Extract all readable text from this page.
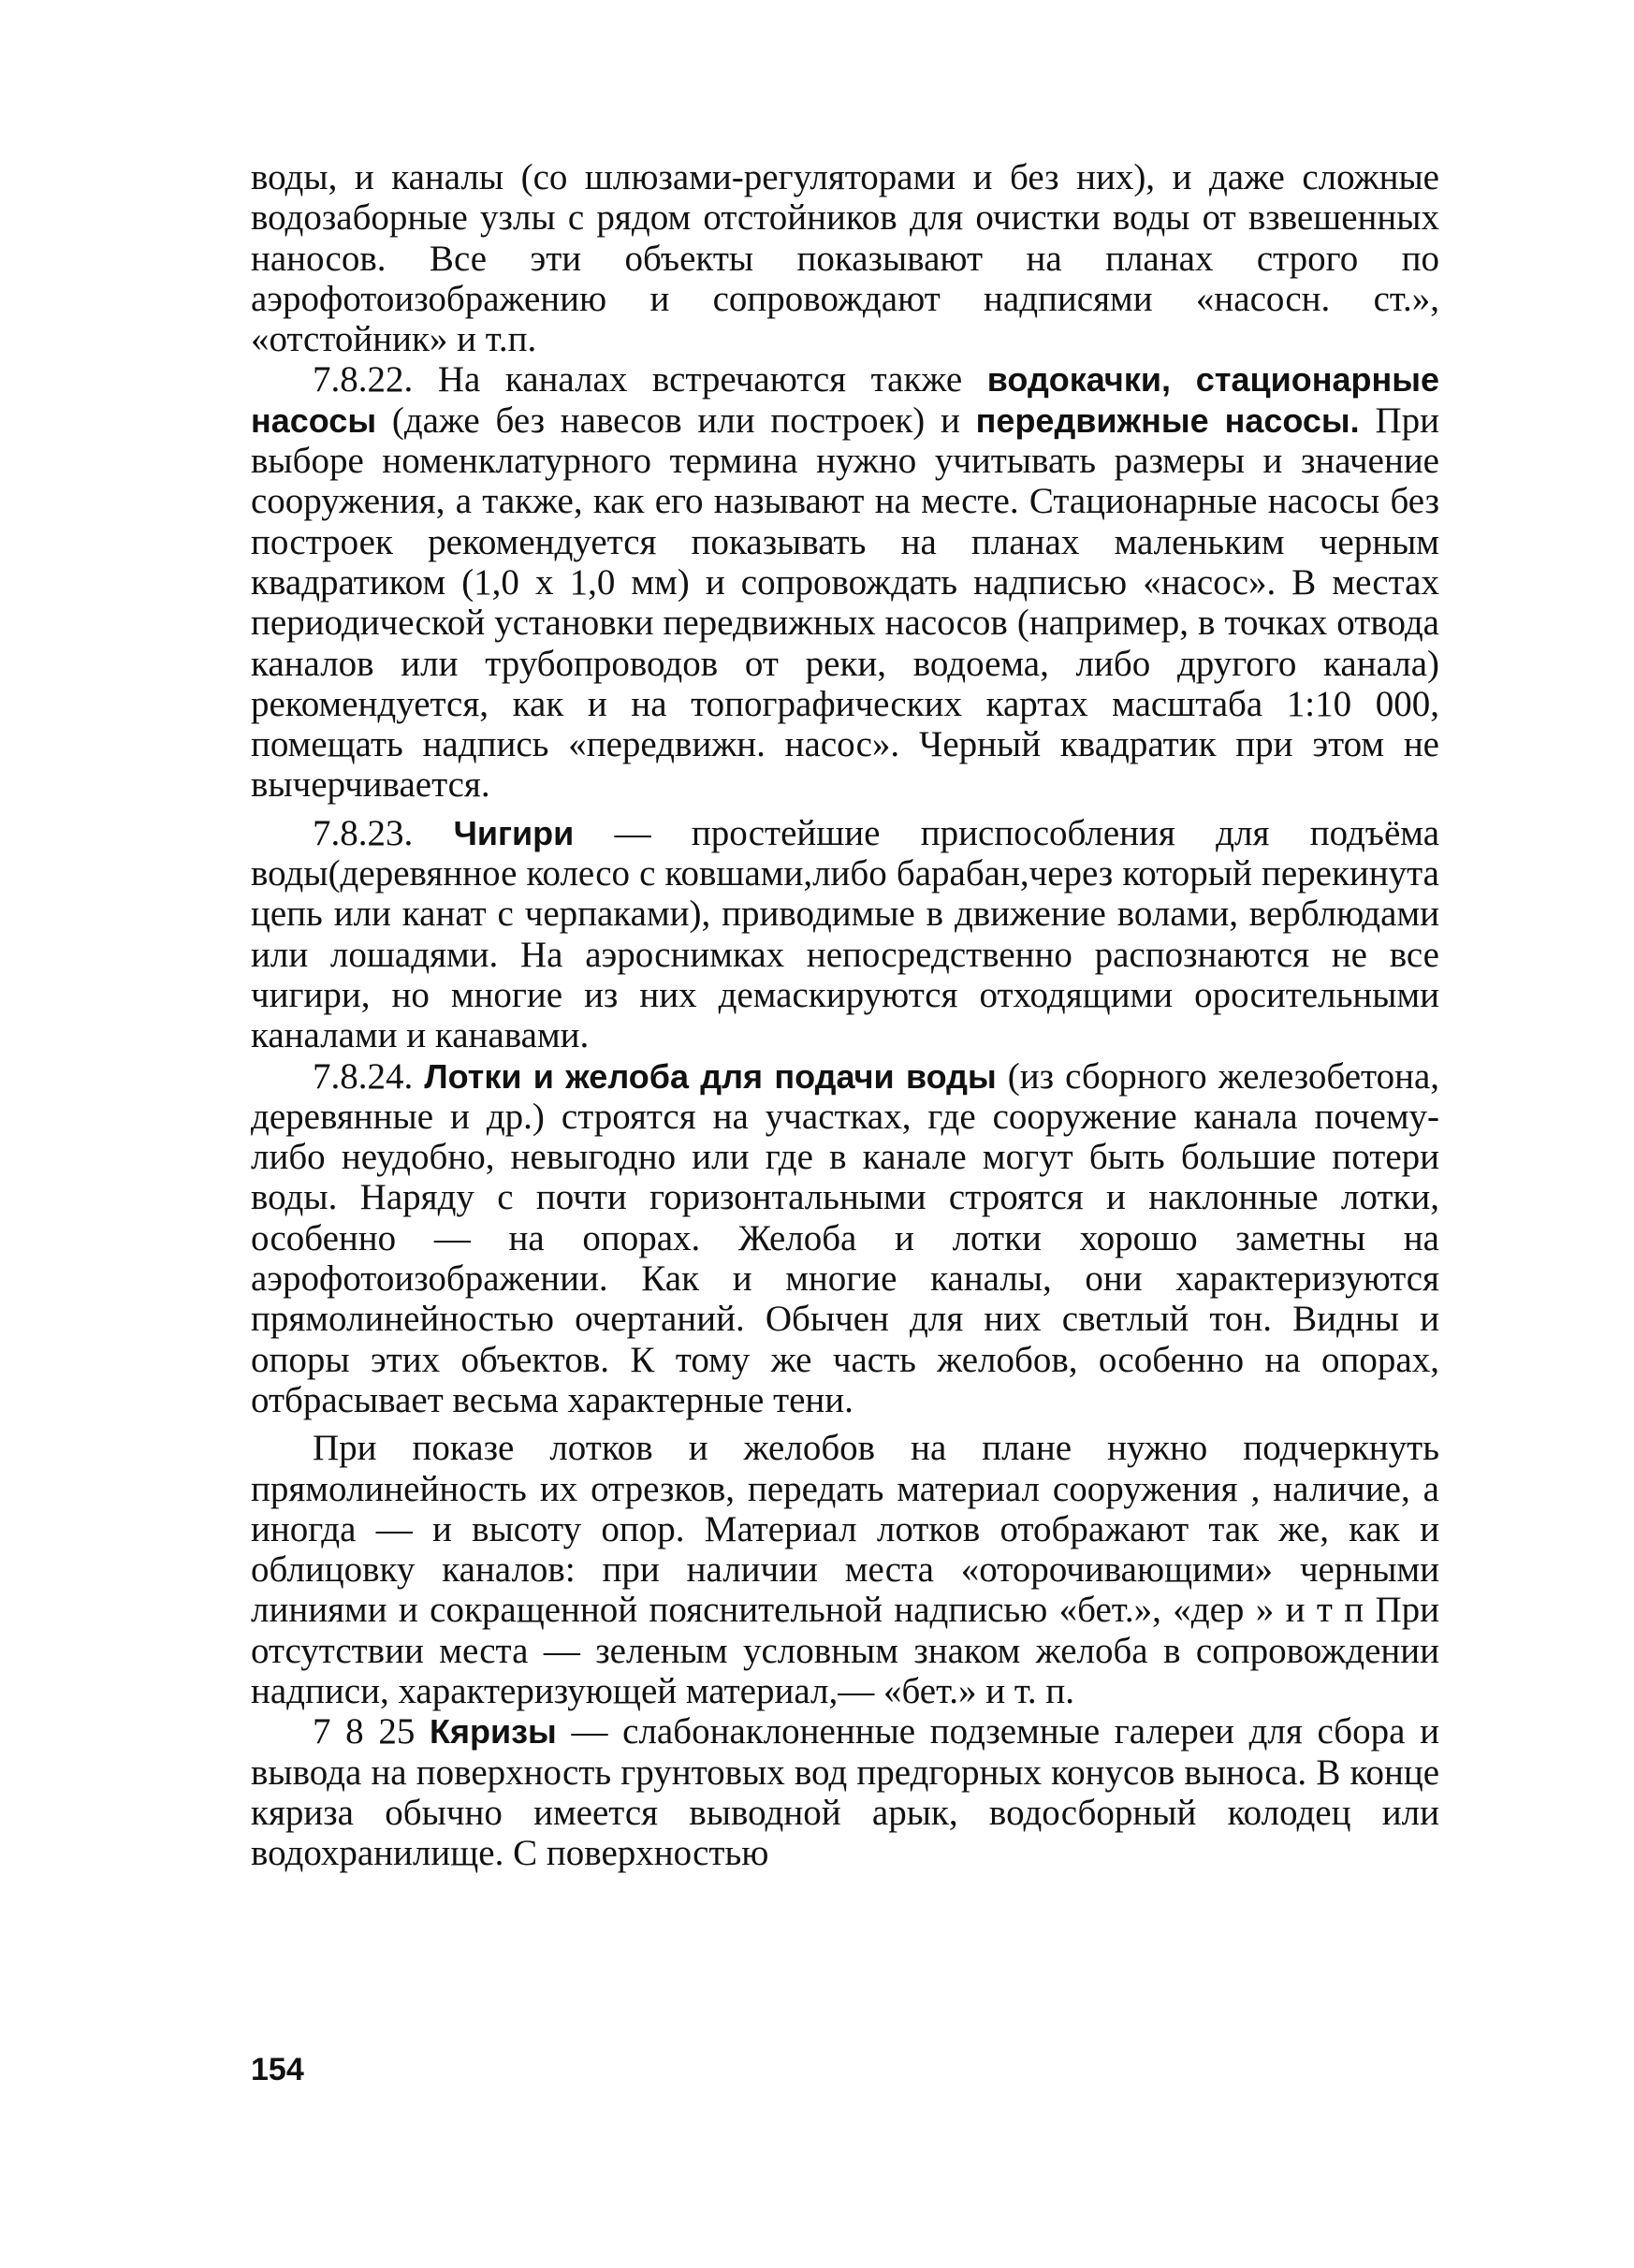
воды, и каналы (со шлюзами-регуляторами и без них), и даже сложные водозаборные узлы с рядом отстойников для очистки воды от взвешенных наносов. Все эти объекты показывают на планах строго по аэрофотоизображению и сопровождают надписями «насосн. ст.», «отстойник» и т.п.

7.8.22. На каналах встречаются также водокачки, стационарные насосы (даже без навесов или построек) и передвижные насосы. При выборе номенклатурного термина нужно учитывать размеры и значение сооружения, а также, как его называют на месте. Стационарные насосы без построек рекомендуется показывать на планах маленьким черным квадратиком (1,0 x 1,0 мм) и сопровождать надписью «насос». В местах периодической установки передвижных насосов (например, в точках отвода каналов или трубопроводов от реки, водоема, либо другого канала) рекомендуется, как и на топографических картах масштаба 1:10 000, помещать надпись «передвижн. насос». Черный квадратик при этом не вычерчивается.

7.8.23. Чигири — простейшие приспособления для подъёма воды(деревянное колесо с ковшами,либо барабан,через который перекинута цепь или канат с черпаками), приводимые в движение волами, верблюдами или лошадями. На аэроснимках непосредственно распознаются не все чигири, но многие из них демаскируются отходящими оросительными каналами и канавами.

7.8.24. Лотки и желоба для подачи воды (из сборного железобетона, деревянные и др.) строятся на участках, где сооружение канала почему-либо неудобно, невыгодно или где в канале могут быть большие потери воды. Наряду с почти горизонтальными строятся и наклонные лотки, особенно — на опорах. Желоба и лотки хорошо заметны на аэрофотоизображении. Как и многие каналы, они характеризуются прямолинейностью очертаний. Обычен для них светлый тон. Видны и опоры этих объектов. К тому же часть желобов, особенно на опорах, отбрасывает весьма характерные тени.

При показе лотков и желобов на плане нужно подчеркнуть прямолинейность их отрезков, передать материал сооружения , наличие, а иногда — и высоту опор. Материал лотков отображают так же, как и облицовку каналов: при наличии места «оторочивающими» черными линиями и сокращенной пояснительной надписью «бет.», «дер » и т п При отсутствии места — зеленым условным знаком желоба в сопровождении надписи, характеризующей материал,— «бет.» и т. п.

7 8 25 Кяризы — слабонаклоненные подземные галереи для сбора и вывода на поверхность грунтовых вод предгорных конусов выноса. В конце кяриза обычно имеется выводной арык, водосборный колодец или водохранилище. С поверхностью

154
